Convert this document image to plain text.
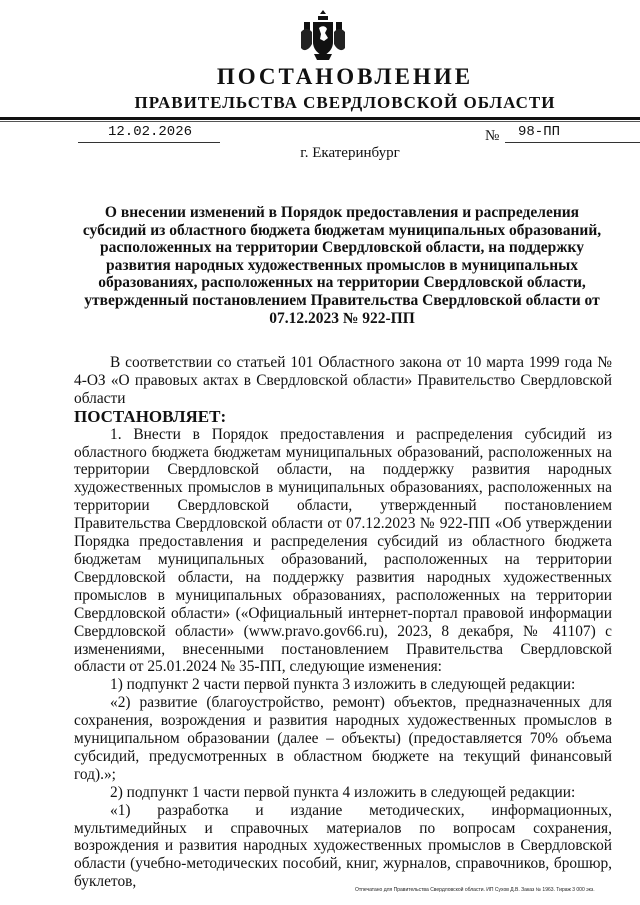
ПОСТАНОВЛЕНИЕ
ПРАВИТЕЛЬСТВА СВЕРДЛОВСКОЙ ОБЛАСТИ
12.02.2026	№ 98-ПП
г. Екатеринбург
О внесении изменений в Порядок предоставления и распределения субсидий из областного бюджета бюджетам муниципальных образований, расположенных на территории Свердловской области, на поддержку развития народных художественных промыслов в муниципальных образованиях, расположенных на территории Свердловской области, утвержденный постановлением Правительства Свердловской области от 07.12.2023 № 922-ПП

В соответствии со статьей 101 Областного закона от 10 марта 1999 года № 4-ОЗ «О правовых актах в Свердловской области» Правительство Свердловской области

ПОСТАНОВЛЯЕТ:

1. Внести в Порядок предоставления и распределения субсидий из областного бюджета бюджетам муниципальных образований, расположенных на территории Свердловской области, на поддержку развития народных художественных промыслов в муниципальных образованиях, расположенных на территории Свердловской области, утвержденный постановлением Правительства Свердловской области от 07.12.2023 № 922-ПП «Об утверждении Порядка предоставления и распределения субсидий из областного бюджета бюджетам муниципальных образований, расположенных на территории Свердловской области, на поддержку развития народных художественных промыслов в муниципальных образованиях, расположенных на территории Свердловской области» («Официальный интернет-портал правовой информации Свердловской области» (www.pravo.gov66.ru), 2023, 8 декабря, № 41107) с изменениями, внесенными постановлением Правительства Свердловской области от 25.01.2024 № 35-ПП, следующие изменения:

1) подпункт 2 части первой пункта 3 изложить в следующей редакции:

«2) развитие (благоустройство, ремонт) объектов, предназначенных для сохранения, возрождения и развития народных художественных промыслов в муниципальном образовании (далее – объекты) (предоставляется 70% объема субсидий, предусмотренных в областном бюджете на текущий финансовый год).»;

2) подпункт 1 части первой пункта 4 изложить в следующей редакции:

«1) разработка и издание методических, информационных, мультимедийных и справочных материалов по вопросам сохранения, возрождения и развития народных художественных промыслов в Свердловской области (учебно-методических пособий, книг, журналов, справочников, брошюр, буклетов,	Отпечатано для Правительства Свердловской области. ИП Сухов Д.В. Заказ № 1963. Тираж 3 000 экз.
